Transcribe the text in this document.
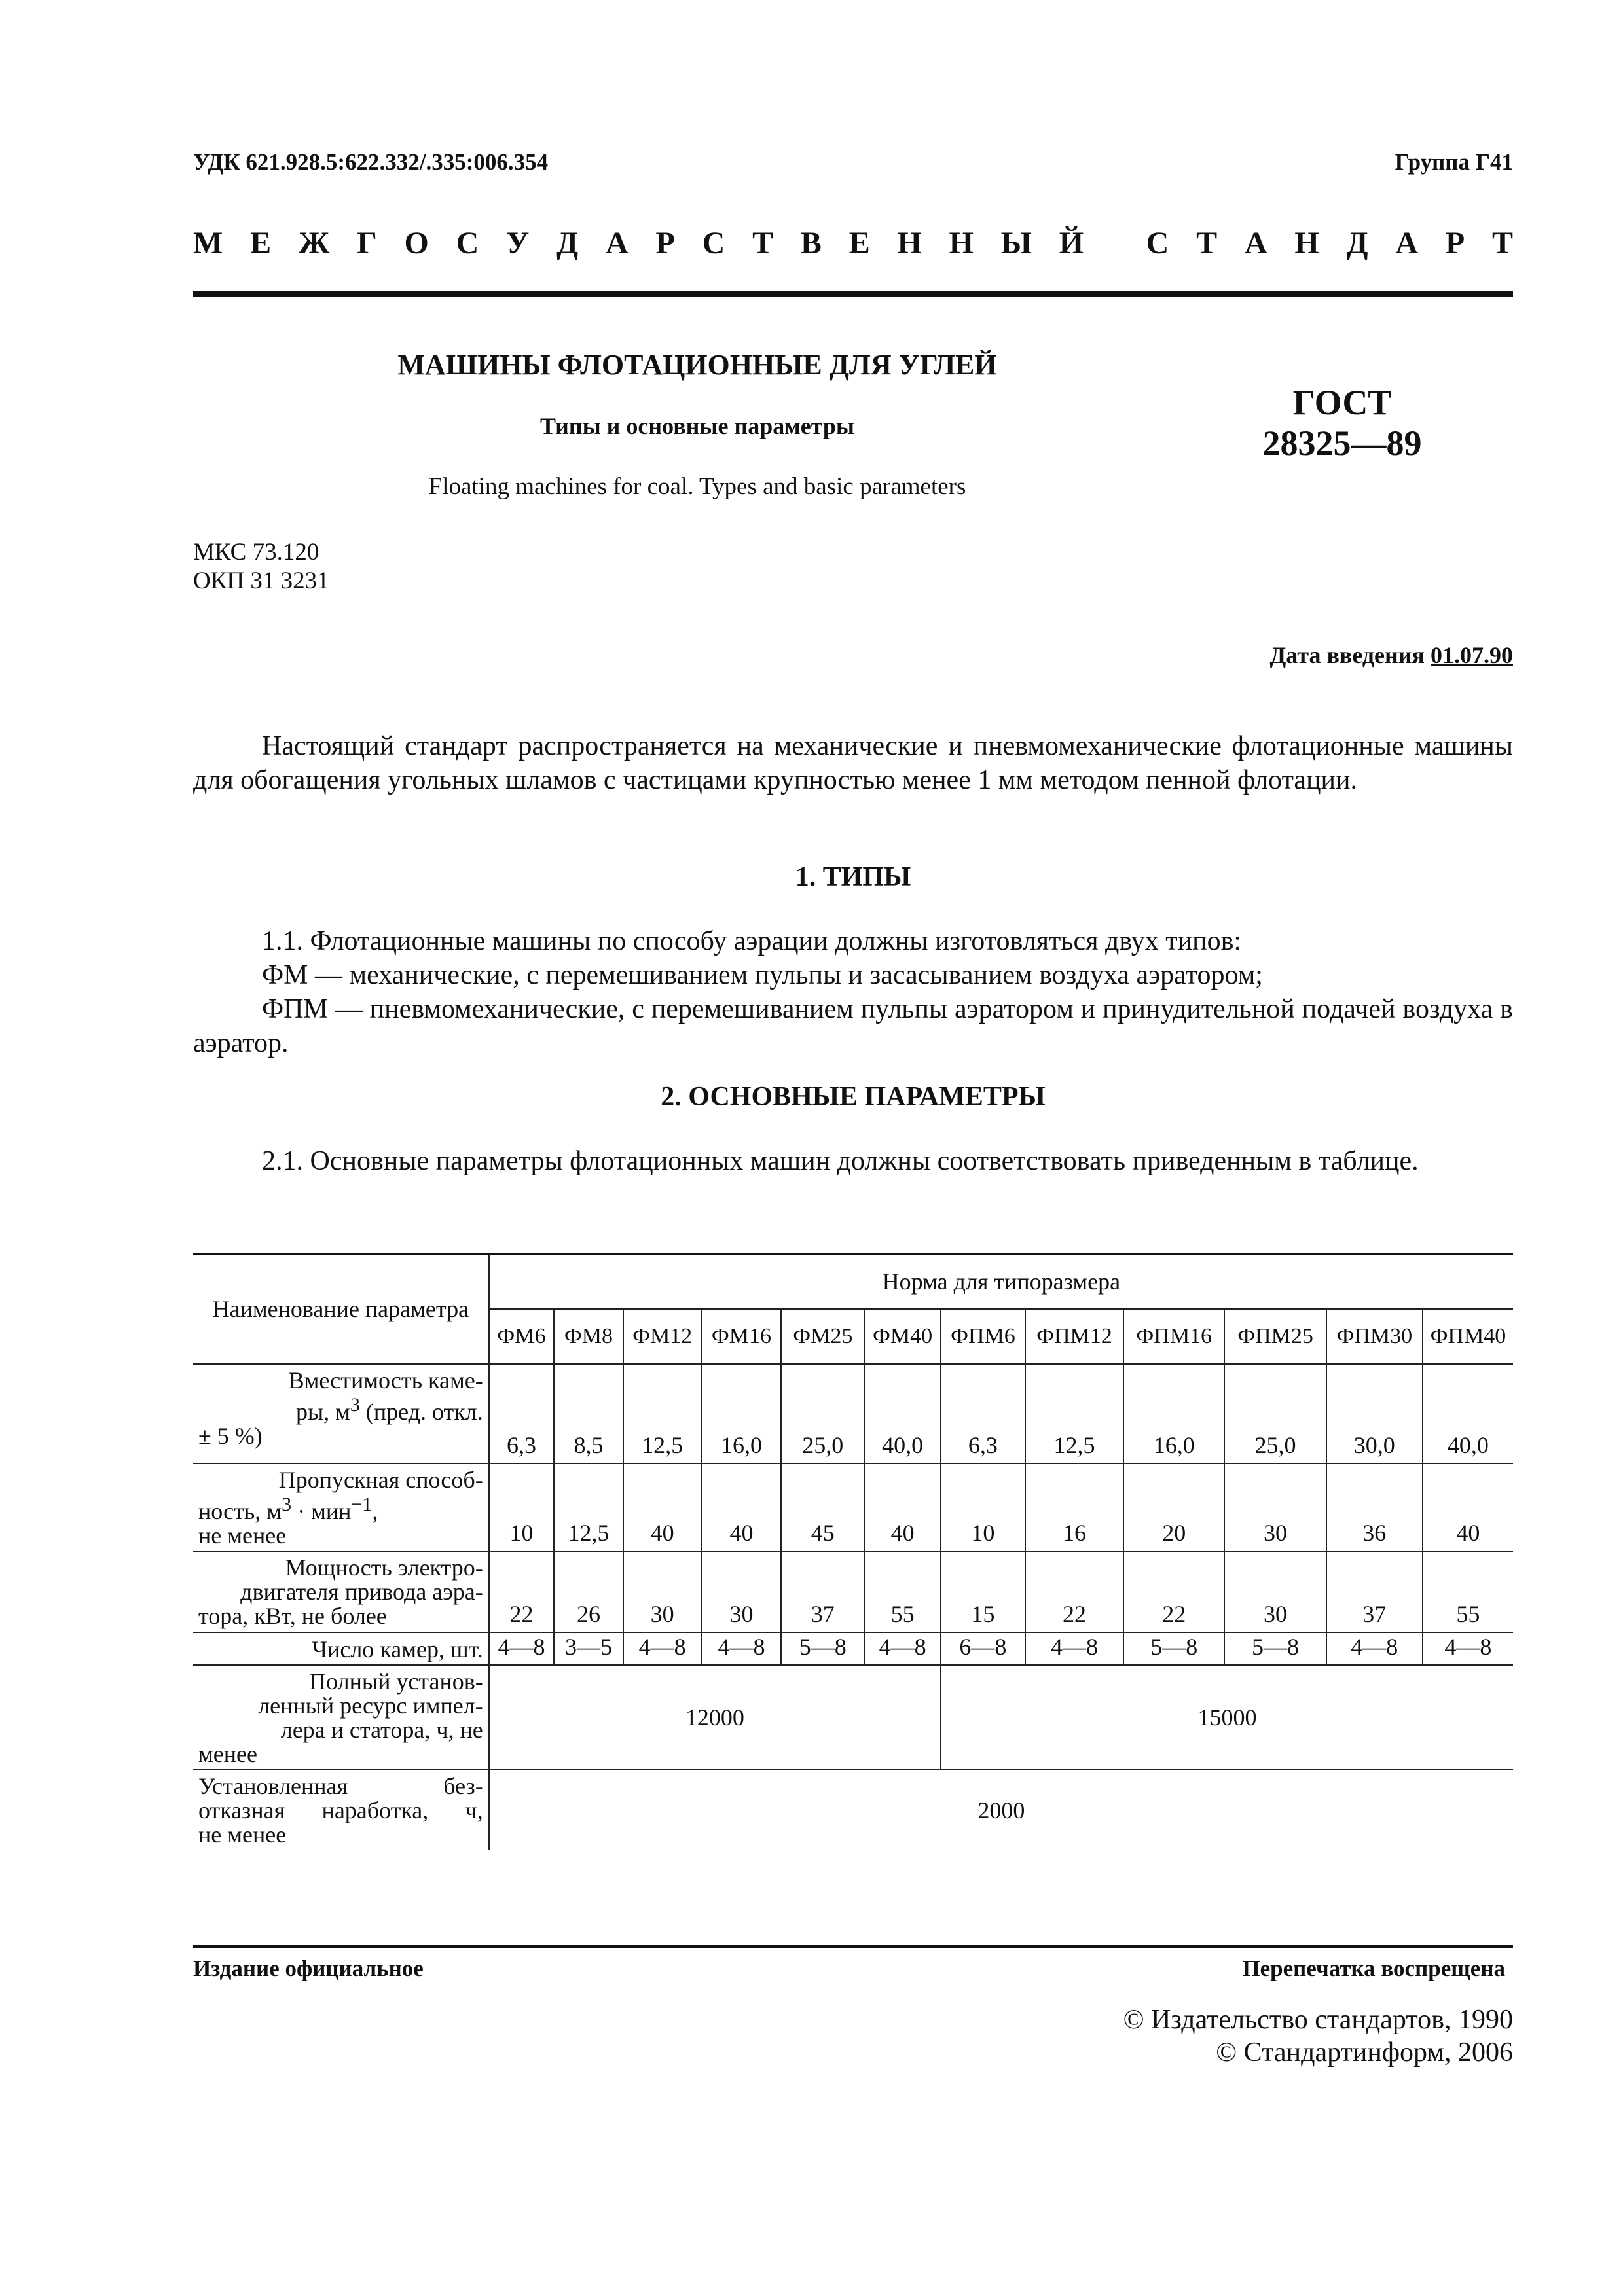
УДК 621.928.5:622.332/.335:006.354	Группа Г41
М Е Ж Г О С У Д А Р С Т В Е Н Н Ы Й
С Т А Н Д А Р Т
МАШИНЫ ФЛОТАЦИОННЫЕ ДЛЯ УГЛЕЙ
Типы и основные параметры
Floating machines for coal. Types and basic parameters
ГОСТ
28325—89
МКС 73.120
ОКП 31 3231
Дата введения 01.07.90
Настоящий стандарт распространяется на механические и пневмомеханические флотационные машины для обогащения угольных шламов с частицами крупностью менее 1 мм методом пенной флотации.
1. ТИПЫ
1.1. Флотационные машины по способу аэрации должны изготовляться двух типов:
ФМ — механические, с перемешиванием пульпы и засасыванием воздуха аэратором;
ФПМ — пневмомеханические, с перемешиванием пульпы аэратором и принудительной подачей воздуха в аэратор.
2. ОСНОВНЫЕ ПАРАМЕТРЫ
2.1. Основные параметры флотационных машин должны соответствовать приведенным в таблице.
Наименование параметра	Норма для типоразмера											
	ФМ6	ФМ8	ФМ12	ФМ16	ФМ25	ФМ40	ФПМ6	ФПМ12	ФПМ16	ФПМ25	ФПМ30	ФПМ40

Вместимость каме-
ры, $м^3$ (пред. откл.
± 5 %)	6,3	8,5	12,5	16,0	25,0	40,0	6,3	12,5	16,0	25,0	30,0	40,0

Пропускная способ-
ность, $м^3 \cdot мин^{-1}$,
не менее	10	12,5	40	40	45	40	10	16	20	30	36	40

Мощность электро-
двигателя привода аэра-
тора, кВт, не более	22	26	30	30	37	55	15	22	22	30	37	55
Число камер, шт.	4—8	3—5	4—8	4—8	5—8	4—8	6—8	4—8	5—8	5—8	4—8	4—8

Полный установ-
ленный ресурс импел-
лера и статора, ч, не
менее	12000						15000					

Установленная без-
отказная наработка, ч,
не менее	2000											
Издание официальное	Перепечатка воспрещена
© Издательство стандартов, 1990
© Стандартинформ, 2006
